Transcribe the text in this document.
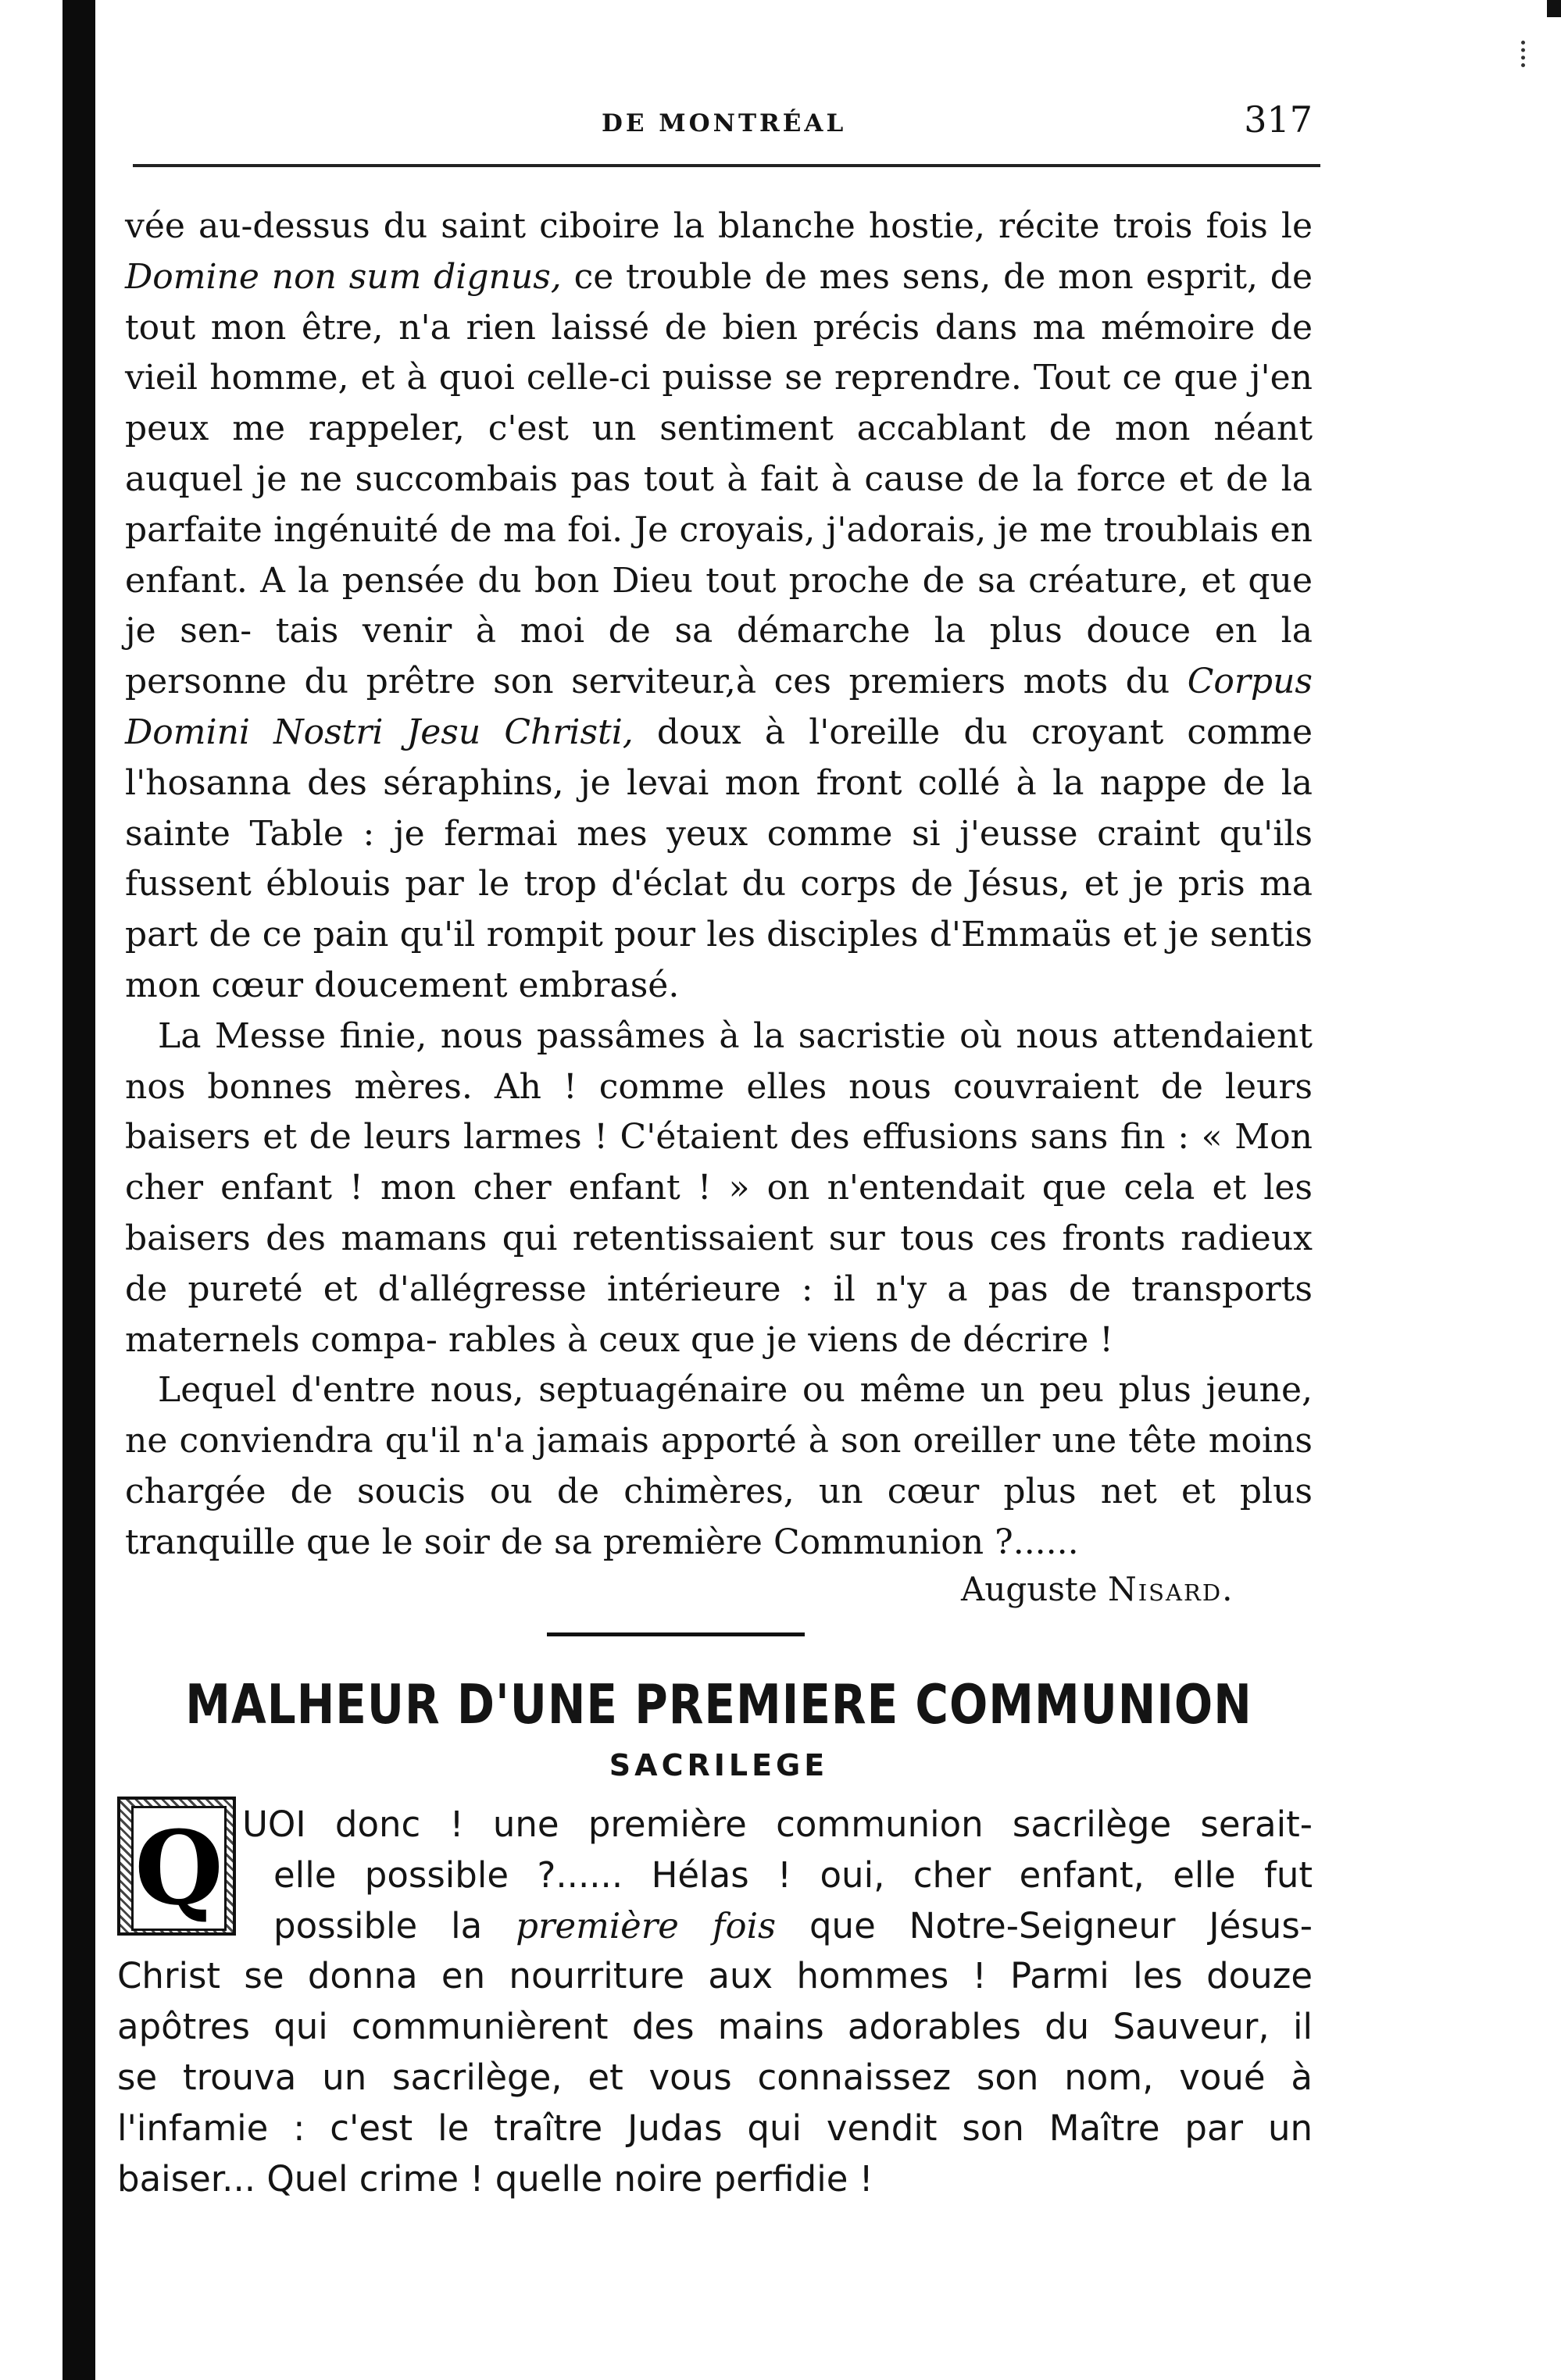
DE MONTRÉAL	317

vée au-dessus du saint ciboire la blanche hostie, récite trois fois le Domine non sum dignus, ce trouble de mes sens, de mon esprit, de tout mon être, n'a rien laissé de bien précis dans ma mémoire de vieil homme, et à quoi celle-ci puisse se reprendre. Tout ce que j'en peux me rappeler, c'est un sentiment accablant de mon néant auquel je ne succombais pas tout à fait à cause de la force et de la parfaite ingénuité de ma foi. Je croyais, j'adorais, je me troublais en enfant. A la pensée du bon Dieu tout proche de sa créature, et que je sen- tais venir à moi de sa démarche la plus douce en la personne du prêtre son serviteur,à ces premiers mots du Corpus Domini Nostri Jesu Christi, doux à l'oreille du croyant comme l'hosanna des séraphins, je levai mon front collé à la nappe de la sainte Table : je fermai mes yeux comme si j'eusse craint qu'ils fussent éblouis par le trop d'éclat du corps de Jésus, et je pris ma part de ce pain qu'il rompit pour les disciples d'Emmaüs et je sentis mon cœur doucement embrasé.

La Messe finie, nous passâmes à la sacristie où nous attendaient nos bonnes mères. Ah ! comme elles nous couvraient de leurs baisers et de leurs larmes ! C'étaient des effusions sans fin : « Mon cher enfant ! mon cher enfant ! » on n'entendait que cela et les baisers des mamans qui retentissaient sur tous ces fronts radieux de pureté et d'allégresse intérieure : il n'y a pas de transports maternels compa- rables à ceux que je viens de décrire !

Lequel d'entre nous, septuagénaire ou même un peu plus jeune, ne conviendra qu'il n'a jamais apporté à son oreiller une tête moins chargée de soucis ou de chimères, un cœur plus net et plus tranquille que le soir de sa première Communion ?......

Auguste Nisard.
MALHEUR D'UNE PREMIERE COMMUNION
SACRILEGE
Q UOI donc ! une première communion sacrilège serait-
elle possible ?...... Hélas ! oui, cher enfant, elle fut
possible la première fois que Notre-Seigneur Jésus-
Christ se donna en nourriture aux hommes ! Parmi les douze
apôtres qui communièrent des mains adorables du Sauveur, il
se trouva un sacrilège, et vous connaissez son nom, voué à
l'infamie : c'est le traître Judas qui vendit son Maître par un
baiser... Quel crime ! quelle noire perfidie !
